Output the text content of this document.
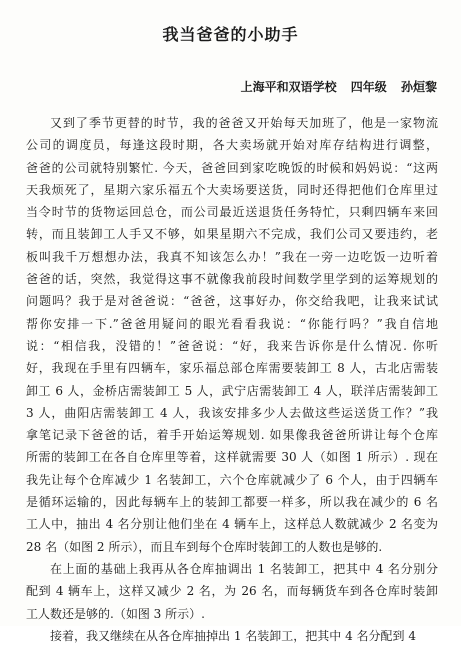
我当爸爸的小助手
上海平和双语学校 四年级 孙烜黎
又到了季节更替的时节，我的爸爸又开始每天加班了，他是一家物流
公司的调度员，每逢这段时期，各大卖场就开始对库存结构进行调整，
爸爸的公司就特别繁忙. 今天，爸爸回到家吃晚饭的时候和妈妈说：“这两
天我烦死了，星期六家乐福五个大卖场要送货，同时还得把他们仓库里过
当令时节的货物运回总仓，而公司最近送退货任务特忙，只剩四辆车来回
转，而且装卸工人手又不够，如果星期六不完成，我们公司又要违约，老
板叫我千万想想办法，我真不知该怎么办！”我在一旁一边吃饭一边听着
爸爸的话，突然，我觉得这事不就像我前段时间数学里学到的运筹规划的
问题吗？我于是对爸爸说：“爸爸，这事好办，你交给我吧，让我来试试
帮你安排一下.”爸爸用疑问的眼光看看我说：“你能行吗？”我自信地
说：“相信我，没错的！”爸爸说：“好，我来告诉你是什么情况. 你听
好，我现在手里有四辆车，家乐福总部仓库需要装卸工 8 人，古北店需装
卸工 6 人，金桥店需装卸工 5 人，武宁店需装卸工 4 人，联洋店需装卸工
3 人，曲阳店需装卸工 4 人，我该安排多少人去做这些运送货工作？”我
拿笔记录下爸爸的话，着手开始运筹规划. 如果像我爸爸所讲让每个仓库
所需的装卸工在各自仓库里等着，这样就需要 30 人（如图 1 所示）. 现在
我先让每个仓库减少 1 名装卸工，六个仓库就减少了 6 个人，由于四辆车
是循环运输的，因此每辆车上的装卸工都要一样多，所以我在减少的 6 名
工人中，抽出 4 名分别让他们坐在 4 辆车上，这样总人数就减少 2 名变为
28 名（如图 2 所示），而且车到每个仓库时装卸工的人数也是够的.
在上面的基础上我再从各仓库抽调出 1 名装卸工，把其中 4 名分别分
配到 4 辆车上，这样又减少 2 名，为 26 名，而每辆货车到各仓库时装卸
工人数还是够的.（如图 3 所示）.
接着，我又继续在从各仓库抽掉出 1 名装卸工，把其中 4 名分配到 4
